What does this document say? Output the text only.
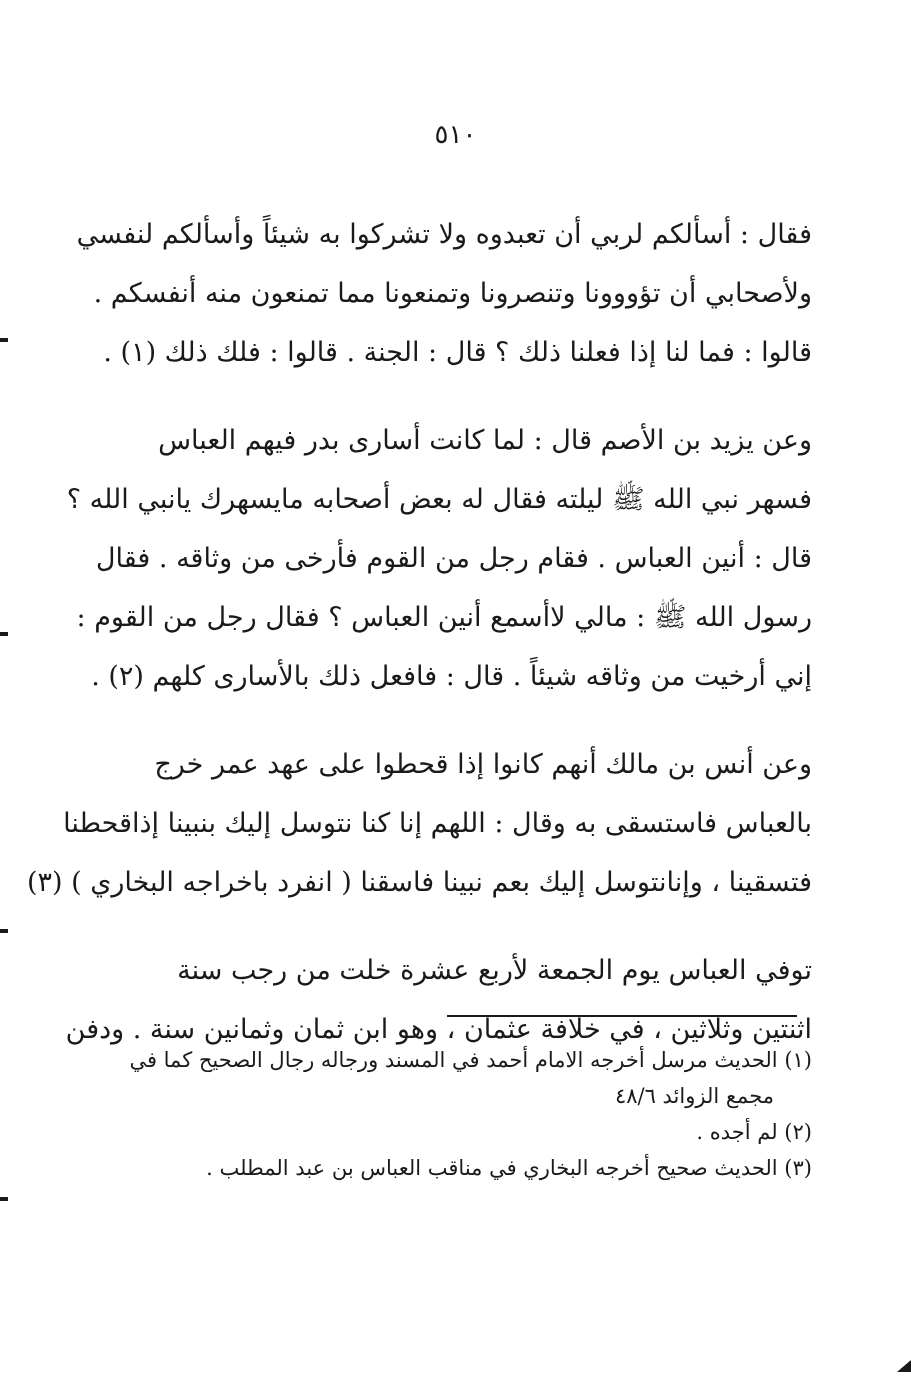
٥١٠
فقال : أسألكم لربي أن تعبدوه ولا تشركوا به شيئاً وأسألكم لنفسي
ولأصحابي أن تؤووونا وتنصرونا وتمنعونا مما تمنعون منه أنفسكم .
قالوا : فما لنا إذا فعلنا ذلك ؟ قال : الجنة . قالوا : فلك ذلك (١) .
وعن يزيد بن الأصم قال : لما كانت أسارى بدر فيهم العباس
فسهر نبي الله ﷺ ليلته فقال له بعض أصحابه مايسهرك يانبي الله ؟
قال : أنين العباس . فقام رجل من القوم فأرخى من وثاقه . فقال
رسول الله ﷺ : مالي لاأسمع أنين العباس ؟ فقال رجل من القوم :
إني أرخيت من وثاقه شيئاً . قال : فافعل ذلك بالأسارى كلهم (٢) .
وعن أنس بن مالك أنهم كانوا إذا قحطوا على عهد عمر خرج
بالعباس فاستسقى به وقال : اللهم إنا كنا نتوسل إليك بنبينا إذاقحطنا
فتسقينا ، وإنانتوسل إليك بعم نبينا فاسقنا ( انفرد باخراجه البخاري ) (٣)
توفي العباس يوم الجمعة لأربع عشرة خلت من رجب سنة
اثنتين وثلاثين ، في خلافة عثمان ، وهو ابن ثمان وثمانين سنة . ودفن
(١) الحديث مرسل أخرجه الامام أحمد في المسند ورجاله رجال الصحيح كما في
مجمع الزوائد ٤٨/٦
(٢) لم أجده .
(٣) الحديث صحيح أخرجه البخاري في مناقب العباس بن عبد المطلب .
